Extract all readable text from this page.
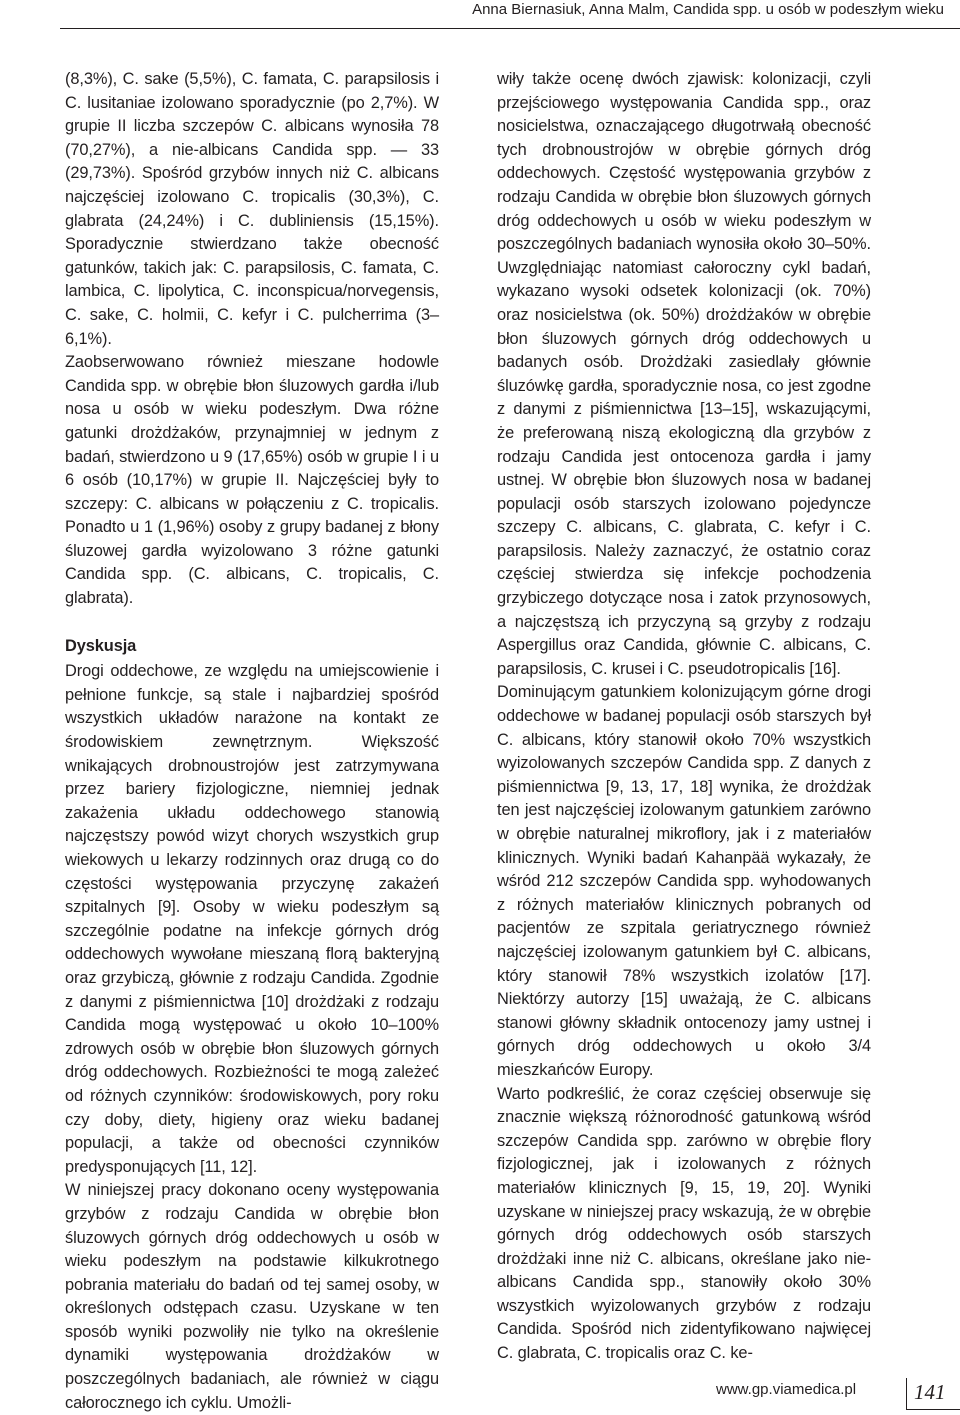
Anna Biernasiuk, Anna Malm, Candida spp. u osób w podeszłym wieku

(8,3%), C. sake (5,5%), C. famata, C. parapsilosis i C. lusitaniae izolowano sporadycznie (po 2,7%). W grupie II liczba szczepów C. albicans wynosiła 78 (70,27%), a nie-albicans Candida spp. — 33 (29,73%). Spośród grzybów innych niż C. albicans najczęściej izolowano C. tropicalis (30,3%), C. glabrata (24,24%) i C. dubliniensis (15,15%). Sporadycznie stwierdzano także obecność gatunków, takich jak: C. parapsilosis, C. famata, C. lambica, C. lipolytica, C. inconspicua/norvegensis, C. sake, C. holmii, C. kefyr i C. pulcherrima (3–6,1%).

Zaobserwowano również mieszane hodowle Candida spp. w obrębie błon śluzowych gardła i/lub nosa u osób w wieku podeszłym. Dwa różne gatunki drożdżaków, przynajmniej w jednym z badań, stwierdzono u 9 (17,65%) osób w grupie I i u 6 osób (10,17%) w grupie II. Najczęściej były to szczepy: C. albicans w połączeniu z C. tropicalis. Ponadto u 1 (1,96%) osoby z grupy badanej z błony śluzowej gardła wyizolowano 3 różne gatunki Candida spp. (C. albicans, C. tropicalis, C. glabrata).

Dyskusja

Drogi oddechowe, ze względu na umiejscowienie i pełnione funkcje, są stale i najbardziej spośród wszystkich układów narażone na kontakt ze środowiskiem zewnętrznym. Większość wnikających drobnoustrojów jest zatrzymywana przez bariery fizjologiczne, niemniej jednak zakażenia układu oddechowego stanowią najczęstszy powód wizyt chorych wszystkich grup wiekowych u lekarzy rodzinnych oraz drugą co do częstości występowania przyczynę zakażeń szpitalnych [9]. Osoby w wieku podeszłym są szczególnie podatne na infekcje górnych dróg oddechowych wywołane mieszaną florą bakteryjną oraz grzybiczą, głównie z rodzaju Candida. Zgodnie z danymi z piśmiennictwa [10] drożdżaki z rodzaju Candida mogą występować u około 10–100% zdrowych osób w obrębie błon śluzowych górnych dróg oddechowych. Rozbieżności te mogą zależeć od różnych czynników: środowiskowych, pory roku czy doby, diety, higieny oraz wieku badanej populacji, a także od obecności czynników predysponujących [11, 12].

W niniejszej pracy dokonano oceny występowania grzybów z rodzaju Candida w obrębie błon śluzowych górnych dróg oddechowych u osób w wieku podeszłym na podstawie kilkukrotnego pobrania materiału do badań od tej samej osoby, w określonych odstępach czasu. Uzyskane w ten sposób wyniki pozwoliły nie tylko na określenie dynamiki występowania drożdżaków w poszczególnych badaniach, ale również w ciągu całorocznego ich cyklu. Umożli-

wiły także ocenę dwóch zjawisk: kolonizacji, czyli przejściowego występowania Candida spp., oraz nosicielstwa, oznaczającego długotrwałą obecność tych drobnoustrojów w obrębie górnych dróg oddechowych. Częstość występowania grzybów z rodzaju Candida w obrębie błon śluzowych górnych dróg oddechowych u osób w wieku podeszłym w poszczególnych badaniach wynosiła około 30–50%. Uwzględniając natomiast całoroczny cykl badań, wykazano wysoki odsetek kolonizacji (ok. 70%) oraz nosicielstwa (ok. 50%) drożdżaków w obrębie błon śluzowych górnych dróg oddechowych u badanych osób. Drożdżaki zasiedlały głównie śluzówkę gardła, sporadycznie nosa, co jest zgodne z danymi z piśmiennictwa [13–15], wskazującymi, że preferowaną niszą ekologiczną dla grzybów z rodzaju Candida jest ontocenoza gardła i jamy ustnej. W obrębie błon śluzowych nosa w badanej populacji osób starszych izolowano pojedyncze szczepy C. albicans, C. glabrata, C. kefyr i C. parapsilosis. Należy zaznaczyć, że ostatnio coraz częściej stwierdza się infekcje pochodzenia grzybiczego dotyczące nosa i zatok przynosowych, a najczęstszą ich przyczyną są grzyby z rodzaju Aspergillus oraz Candida, głównie C. albicans, C. parapsilosis, C. krusei i C. pseudotropicalis [16].

Dominującym gatunkiem kolonizującym górne drogi oddechowe w badanej populacji osób starszych był C. albicans, który stanowił około 70% wszystkich wyizolowanych szczepów Candida spp. Z danych z piśmiennictwa [9, 13, 17, 18] wynika, że drożdżak ten jest najczęściej izolowanym gatunkiem zarówno w obrębie naturalnej mikroflory, jak i z materiałów klinicznych. Wyniki badań Kahanpää wykazały, że wśród 212 szczepów Candida spp. wyhodowanych z różnych materiałów klinicznych pobranych od pacjentów ze szpitala geriatrycznego również najczęściej izolowanym gatunkiem był C. albicans, który stanowił 78% wszystkich izolatów [17]. Niektórzy autorzy [15] uważają, że C. albicans stanowi główny składnik ontocenozy jamy ustnej i górnych dróg oddechowych u około 3/4 mieszkańców Europy.

Warto podkreślić, że coraz częściej obserwuje się znacznie większą różnorodność gatunkową wśród szczepów Candida spp. zarówno w obrębie flory fizjologicznej, jak i izolowanych z różnych materiałów klinicznych [9, 15, 19, 20]. Wyniki uzyskane w niniejszej pracy wskazują, że w obrębie górnych dróg oddechowych osób starszych drożdżaki inne niż C. albicans, określane jako nie-albicans Candida spp., stanowiły około 30% wszystkich wyizolowanych grzybów z rodzaju Candida. Spośród nich zidentyfikowano najwięcej C. glabrata, C. tropicalis oraz C. ke-

www.gp.viamedica.pl	141
